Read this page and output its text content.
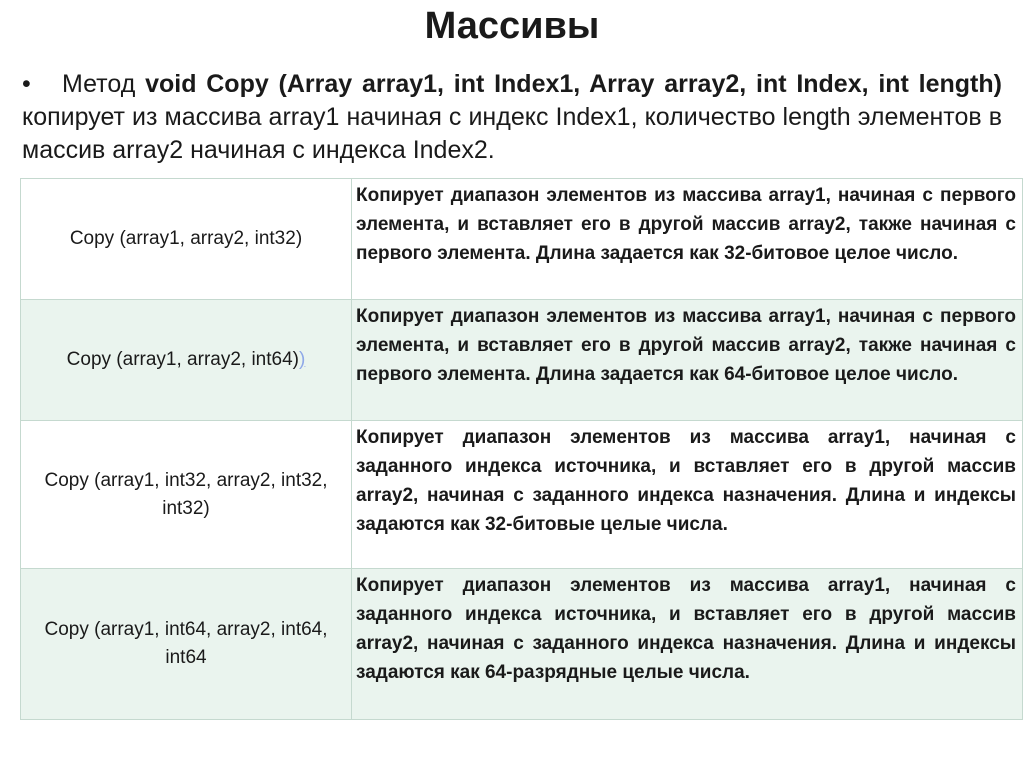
Массивы
• Метод void Copy (Array array1, int Index1, Array array2, int Index, int length) копирует из массива array1 начиная с индекс Index1, количество length элементов в массив array2 начиная с индекса Index2.
Copy (array1, array2, int32)	Копирует диапазон элементов из массива array1, начиная с первого элемента, и вставляет его в другой массив array2, также начиная с первого элемента. Длина задается как 32-битовое целое число.
Copy (array1, array2, int64))	Копирует диапазон элементов из массива array1, начиная с первого элемента, и вставляет его в другой массив array2, также начиная с первого элемента. Длина задается как 64-битовое целое число.
Copy (array1, int32, array2, int32, int32)	Копирует диапазон элементов из массива array1, начиная с заданного индекса источника, и вставляет его в другой массив array2, начиная с заданного индекса назначения. Длина и индексы задаются как 32-битовые целые числа.
Copy (array1, int64, array2, int64, int64	Копирует диапазон элементов из массива array1, начиная с заданного индекса источника, и вставляет его в другой массив array2, начиная с заданного индекса назначения. Длина и индексы задаются как 64-разрядные целые числа.
